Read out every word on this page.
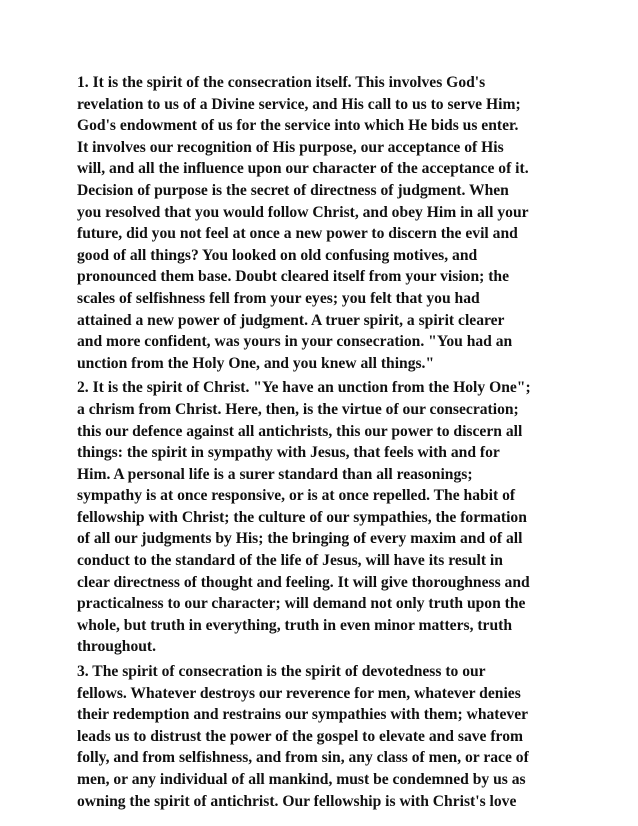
1. It is the spirit of the consecration itself. This involves God's
revelation to us of a Divine service, and His call to us to serve Him;
God's endowment of us for the service into which He bids us enter.
It involves our recognition of His purpose, our acceptance of His
will, and all the influence upon our character of the acceptance of it.
Decision of purpose is the secret of directness of judgment. When
you resolved that you would follow Christ, and obey Him in all your
future, did you not feel at once a new power to discern the evil and
good of all things? You looked on old confusing motives, and
pronounced them base. Doubt cleared itself from your vision; the
scales of selfishness fell from your eyes; you felt that you had
attained a new power of judgment. A truer spirit, a spirit clearer
and more confident, was yours in your consecration. "You had an
unction from the Holy One, and you knew all things."
2. It is the spirit of Christ. "Ye have an unction from the Holy One";
a chrism from Christ. Here, then, is the virtue of our consecration;
this our defence against all antichrists, this our power to discern all
things: the spirit in sympathy with Jesus, that feels with and for
Him. A personal life is a surer standard than all reasonings;
sympathy is at once responsive, or is at once repelled. The habit of
fellowship with Christ; the culture of our sympathies, the formation
of all our judgments by His; the bringing of every maxim and of all
conduct to the standard of the life of Jesus, will have its result in
clear directness of thought and feeling. It will give thoroughness and
practicalness to our character; will demand not only truth upon the
whole, but truth in everything, truth in even minor matters, truth
throughout.
3. The spirit of consecration is the spirit of devotedness to our
fellows. Whatever destroys our reverence for men, whatever denies
their redemption and restrains our sympathies with them; whatever
leads us to distrust the power of the gospel to elevate and save from
folly, and from selfishness, and from sin, any class of men, or race of
men, or any individual of all mankind, must be condemned by us as
owning the spirit of antichrist. Our fellowship is with Christ's love
